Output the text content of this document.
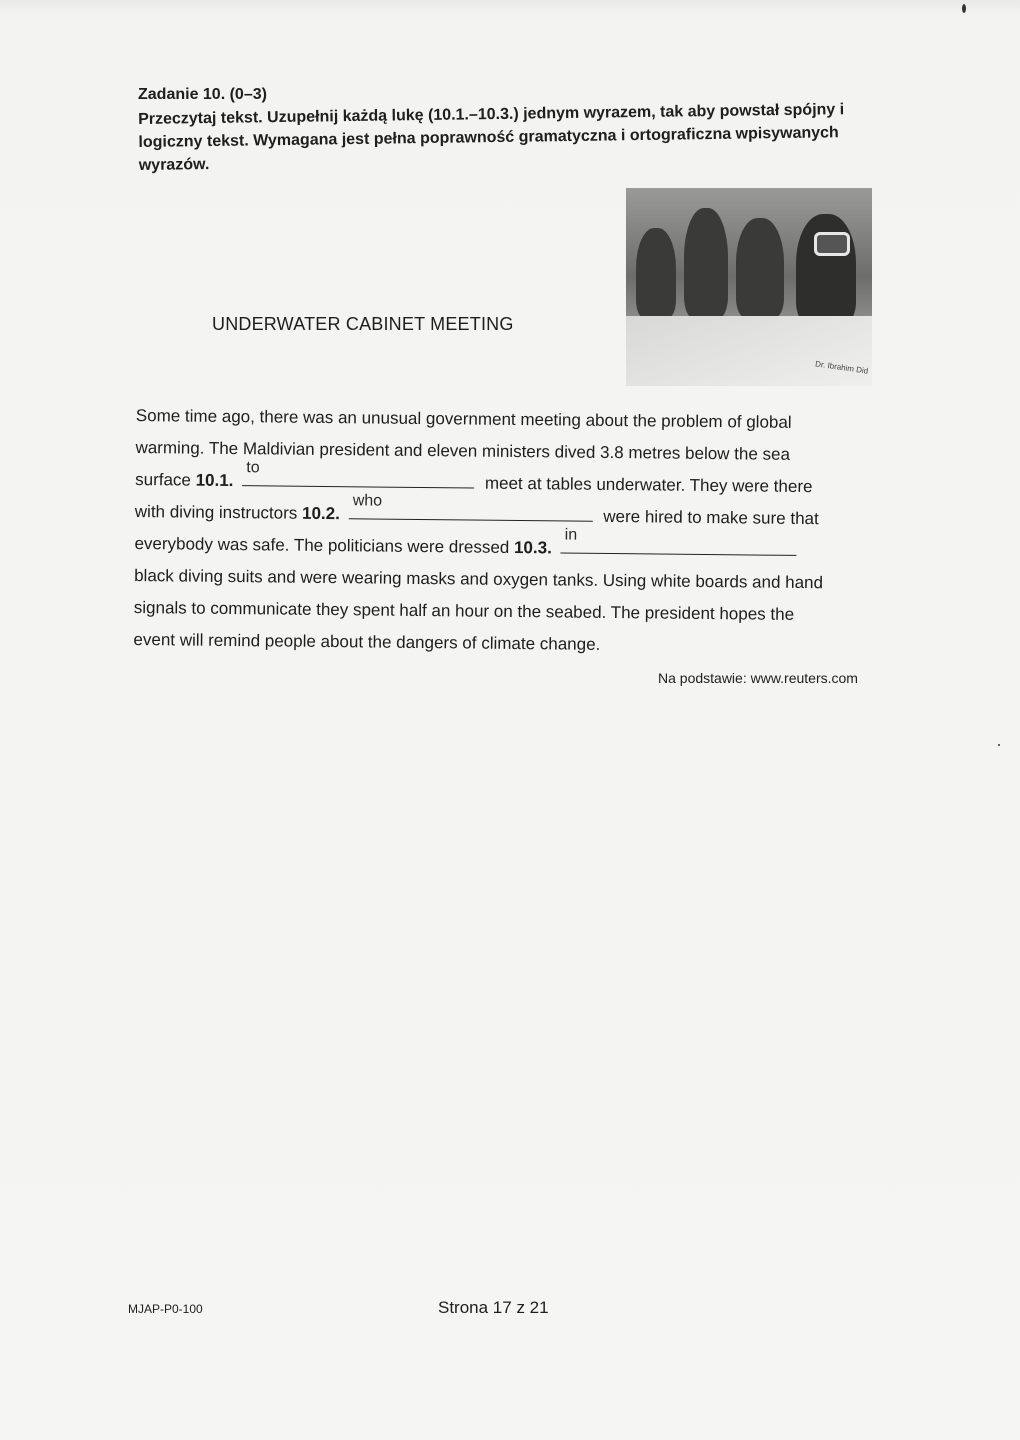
Zadanie 10. (0–3)
Przeczytaj tekst. Uzupełnij każdą lukę (10.1.–10.3.) jednym wyrazem, tak aby powstał spójny i logiczny tekst. Wymagana jest pełna poprawność gramatyczna i ortograficzna wpisywanych wyrazów.
Dr. Ibrahim Did
UNDERWATER CABINET MEETING

Some time ago, there was an unusual government meeting about the problem of global

warming. The Maldivian president and eleven ministers dived 3.8 metres below the sea

surface 10.1.
to
meet at tables underwater. They were there

with diving instructors 10.2.
who
were hired to make sure that

everybody was safe. The politicians were dressed 10.3.
in

black diving suits and were wearing masks and oxygen tanks. Using white boards and hand

signals to communicate they spent half an hour on the seabed. The president hopes the

event will remind people about the dangers of climate change.

Na podstawie: www.reuters.com
MJAP-P0-100	Strona 17 z 21
